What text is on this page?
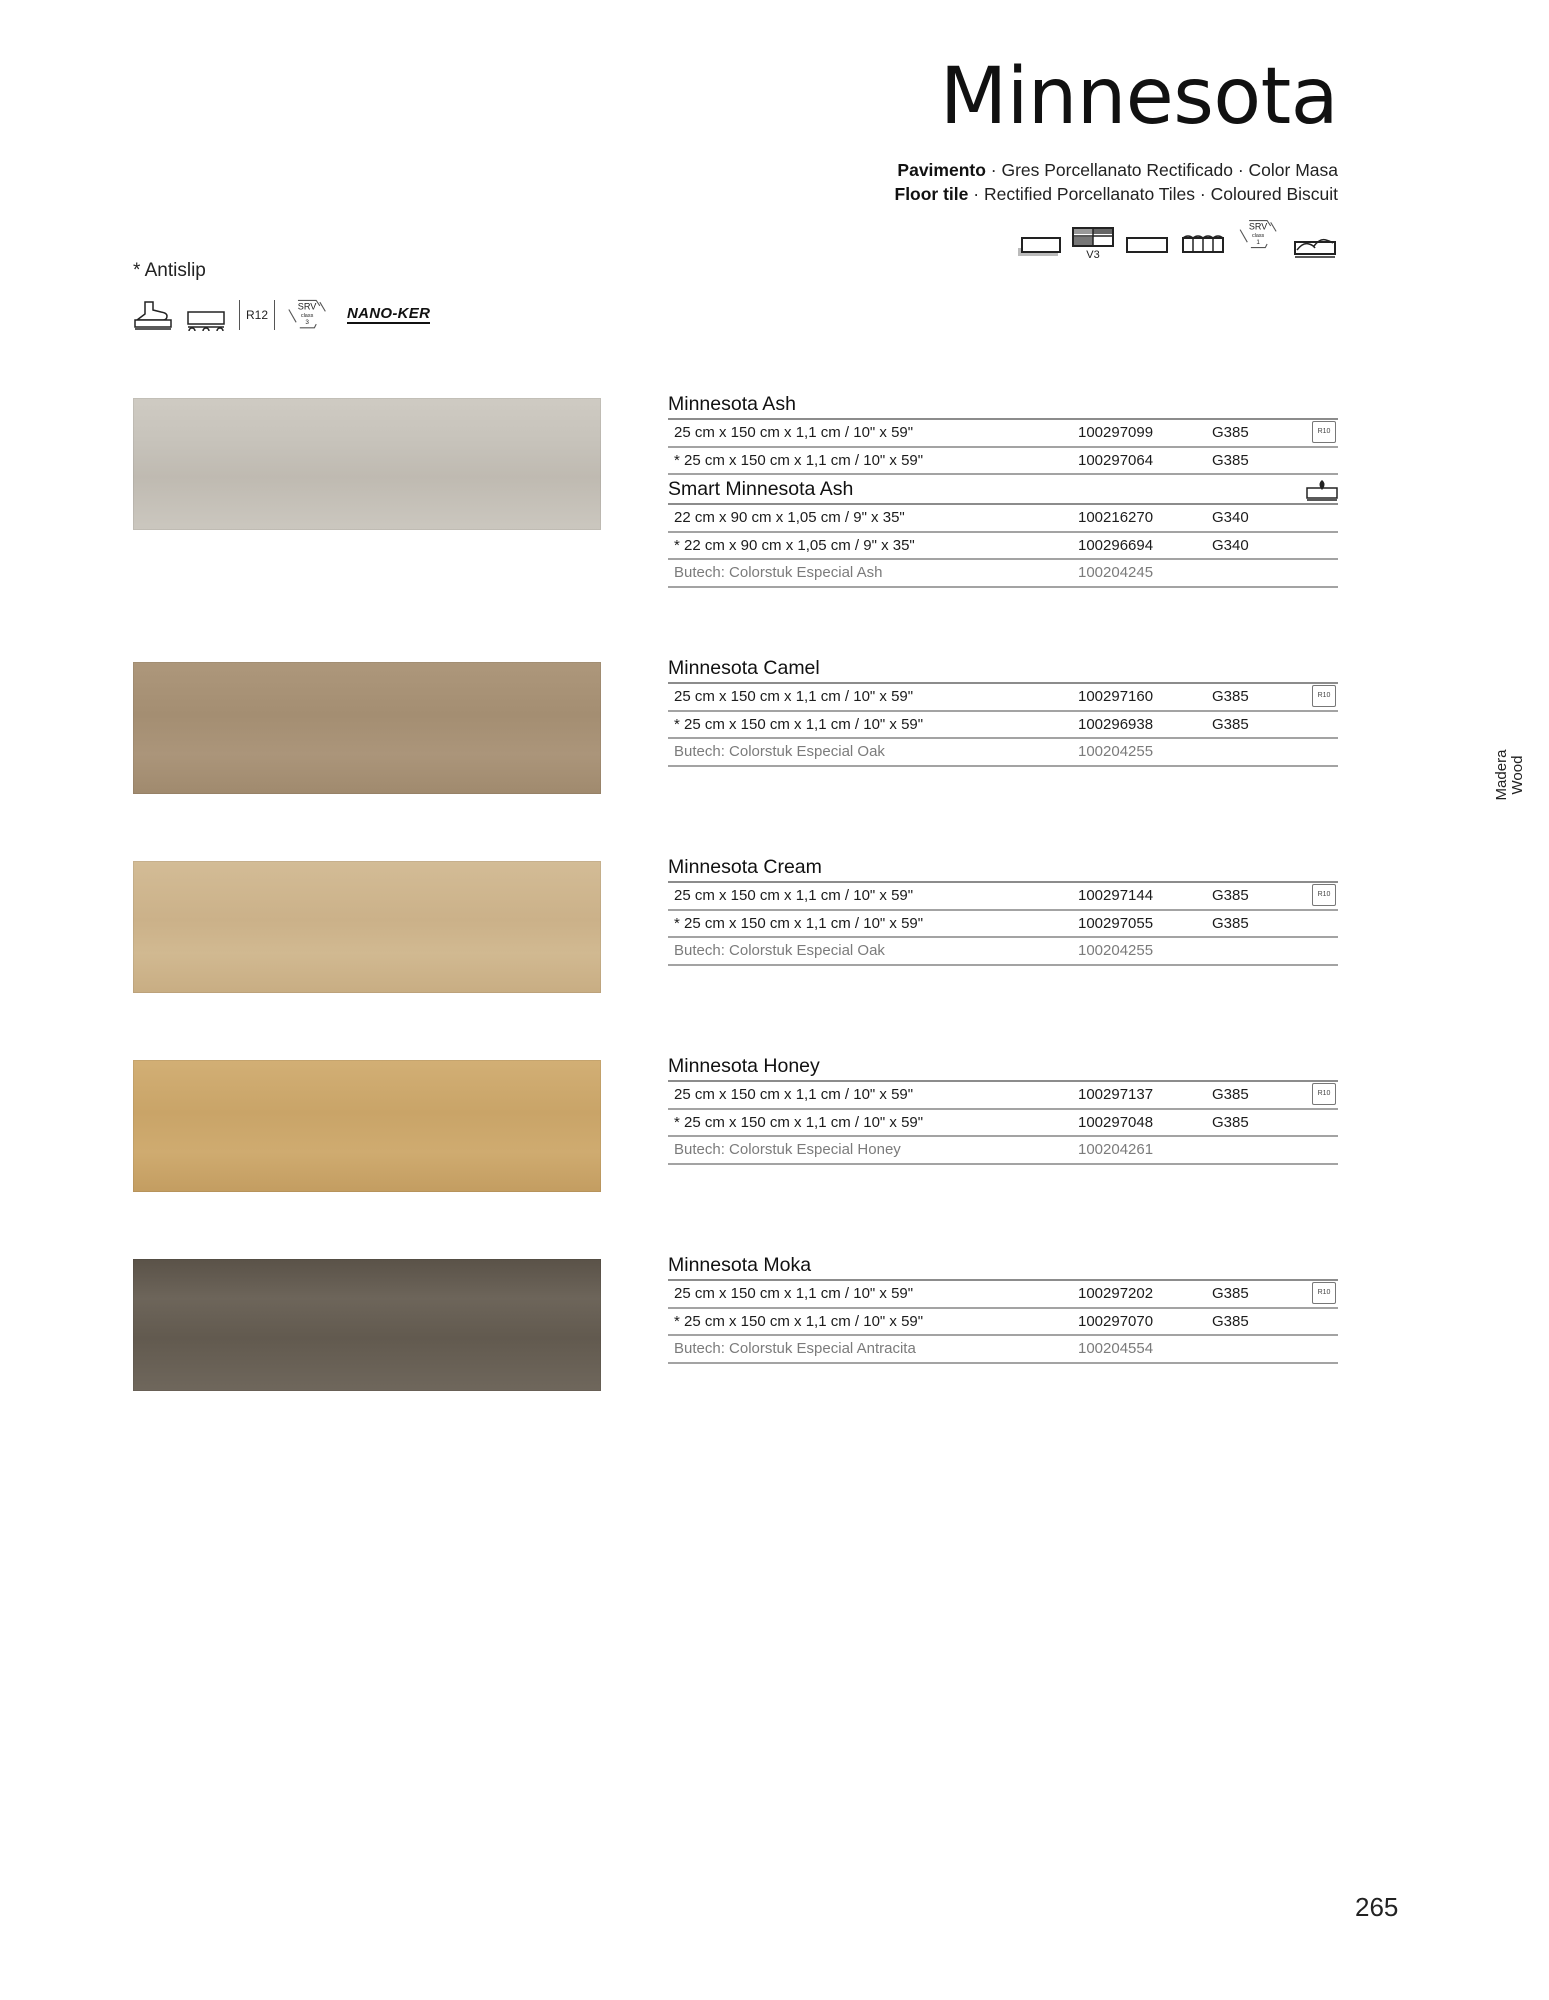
Minnesota
Pavimento · Gres Porcellanato Rectificado · Color Masa
Floor tile · Rectified Porcellanato Tiles · Coloured Biscuit
V3
SRV
class
1
* Antislip
R12
SRV
class
3
NANO-KER
Madera Wood
Minnesota Ash
25 cm x 150 cm x 1,1 cm / 10" x 59"	100297099	G385	R10
* 25 cm x 150 cm x 1,1 cm / 10" x 59"	100297064	G385
Smart Minnesota Ash
22 cm x 90 cm x 1,05 cm / 9" x 35"	100216270	G340
* 22 cm x 90 cm x 1,05 cm / 9" x 35"	100296694	G340
Butech: Colorstuk Especial Ash	100204245
Minnesota Camel
25 cm x 150 cm x 1,1 cm / 10" x 59"	100297160	G385	R10
* 25 cm x 150 cm x 1,1 cm / 10" x 59"	100296938	G385
Butech: Colorstuk Especial Oak	100204255
Minnesota Cream
25 cm x 150 cm x 1,1 cm / 10" x 59"	100297144	G385	R10
* 25 cm x 150 cm x 1,1 cm / 10" x 59"	100297055	G385
Butech: Colorstuk Especial Oak	100204255
Minnesota Honey
25 cm x 150 cm x 1,1 cm / 10" x 59"	100297137	G385	R10
* 25 cm x 150 cm x 1,1 cm / 10" x 59"	100297048	G385
Butech: Colorstuk Especial Honey	100204261
Minnesota Moka
25 cm x 150 cm x 1,1 cm / 10" x 59"	100297202	G385	R10
* 25 cm x 150 cm x 1,1 cm / 10" x 59"	100297070	G385
Butech: Colorstuk Especial Antracita	100204554
265
